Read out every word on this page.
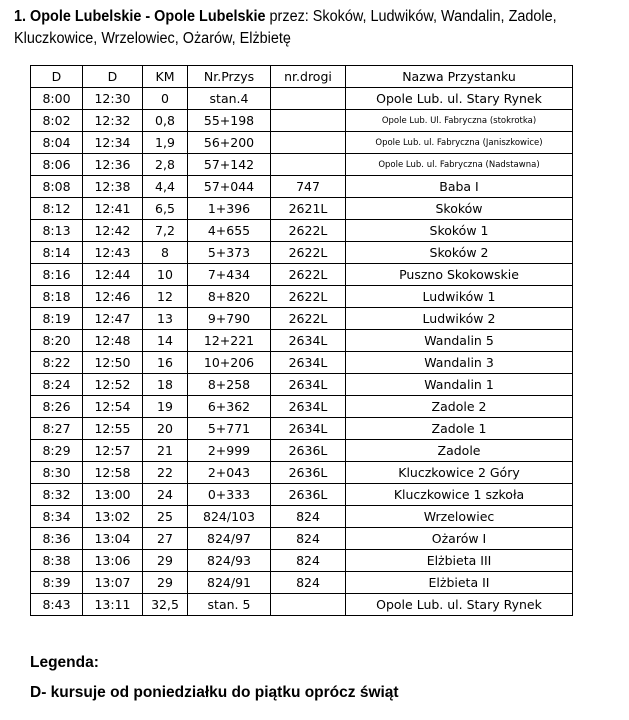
1. Opole Lubelskie - Opole Lubelskie przez: Skoków, Ludwików, Wandalin, Zadole, Kluczkowice, Wrzelowiec, Ożarów, Elżbietę
D	D	KM	Nr.Przys	nr.drogi	Nazwa Przystanku
8:00	12:30	0	stan.4		Opole Lub. ul. Stary Rynek
8:02	12:32	0,8	55+198		Opole Lub. Ul. Fabryczna (stokrotka)
8:04	12:34	1,9	56+200		Opole Lub. ul. Fabryczna (Janiszkowice)
8:06	12:36	2,8	57+142		Opole Lub. ul. Fabryczna (Nadstawna)
8:08	12:38	4,4	57+044	747	Baba I
8:12	12:41	6,5	1+396	2621L	Skoków
8:13	12:42	7,2	4+655	2622L	Skoków 1
8:14	12:43	8	5+373	2622L	Skoków 2
8:16	12:44	10	7+434	2622L	Puszno Skokowskie
8:18	12:46	12	8+820	2622L	Ludwików 1
8:19	12:47	13	9+790	2622L	Ludwików 2
8:20	12:48	14	12+221	2634L	Wandalin 5
8:22	12:50	16	10+206	2634L	Wandalin 3
8:24	12:52	18	8+258	2634L	Wandalin 1
8:26	12:54	19	6+362	2634L	Zadole 2
8:27	12:55	20	5+771	2634L	Zadole 1
8:29	12:57	21	2+999	2636L	Zadole
8:30	12:58	22	2+043	2636L	Kluczkowice 2 Góry
8:32	13:00	24	0+333	2636L	Kluczkowice 1 szkoła
8:34	13:02	25	824/103	824	Wrzelowiec
8:36	13:04	27	824/97	824	Ożarów I
8:38	13:06	29	824/93	824	Elżbieta III
8:39	13:07	29	824/91	824	Elżbieta II
8:43	13:11	32,5	stan. 5		Opole Lub. ul. Stary Rynek
Legenda:
D- kursuje od poniedziałku do piątku oprócz świąt
